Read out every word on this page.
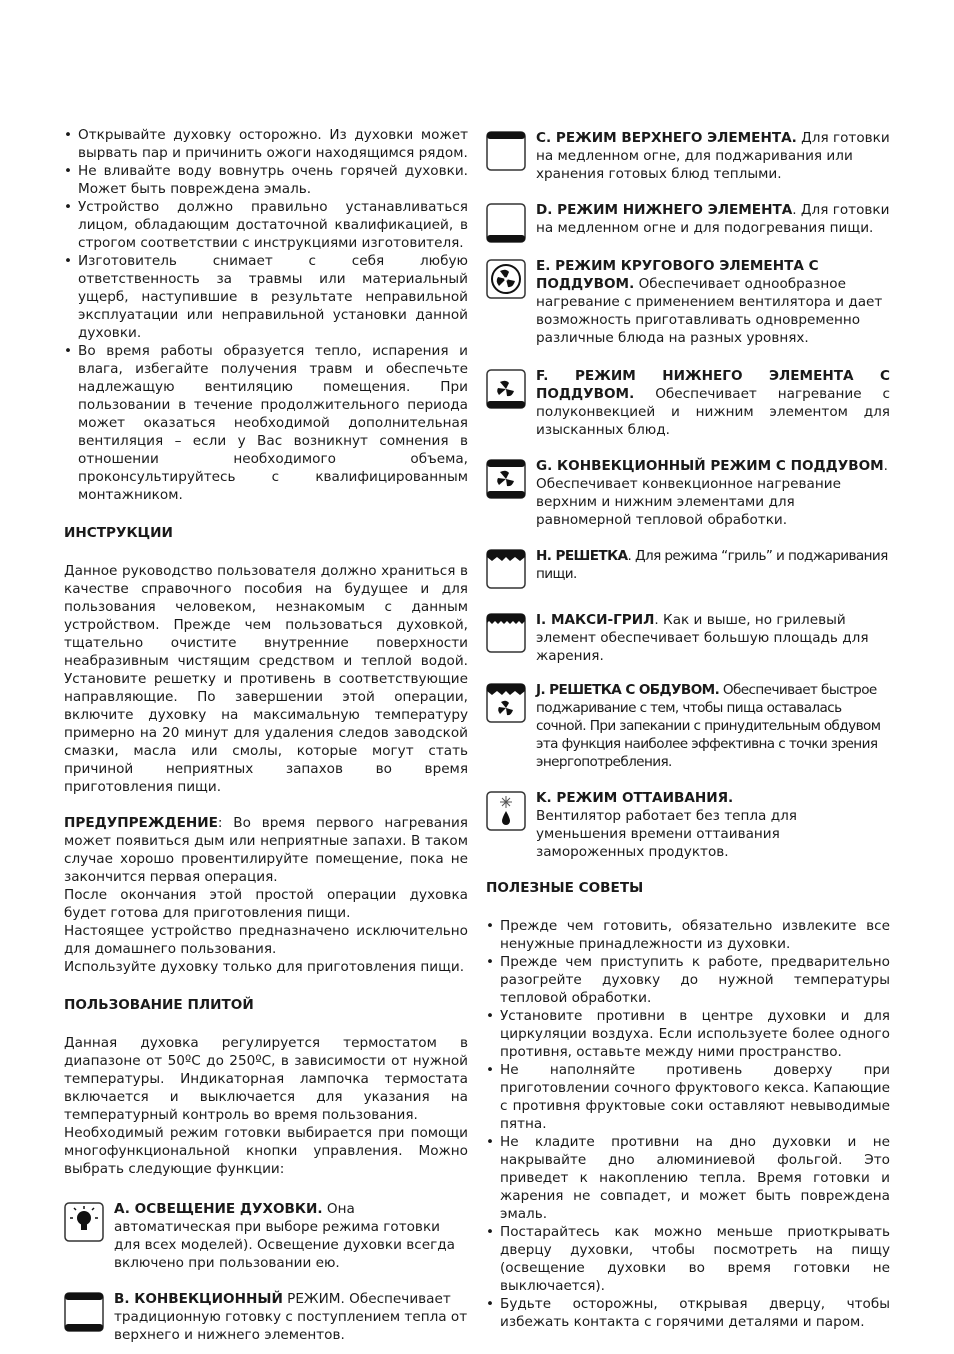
• Открывайте духовку осторожно. Из духовки может вырвать пар и причинить ожоги находящимся рядом.
• Не вливайте воду вовнутрь очень горячей духовки. Может быть повреждена эмаль.
• Устройство должно правильно устанавливаться лицом, обладающим достаточной квалификацией, в строгом соответствии с инструкциями изготовителя.
• Изготовитель снимает с себя любую ответственность за травмы или материальный ущерб, наступившие в результате неправильной эксплуатации или неправильной установки данной духовки.
• Во время работы образуется тепло, испарения и влага, избегайте получения травм и обеспечьте надлежащую вентиляцию помещения. При пользовании в течение продолжительного периода может оказаться необходимой дополнительная вентиляция – если у Вас возникнут сомнения в отношении необходимого объема, проконсультируйтесь с квалифицированным монтажником.
ИНСТРУКЦИИ

Данное руководство пользователя должно храниться в качестве справочного пособия на будущее и для пользования человеком, незнакомым с данным устройством. Прежде чем пользоваться духовкой, тщательно очистите внутренние поверхности неабразивным чистящим средством и теплой водой. Установите решетку и противень в соответствующие направляющие. По завершении этой операции, включите духовку на максимальную температуру примерно на 20 минут для удаления следов заводской смазки, масла или смолы, которые могут стать причиной неприятных запахов во время приготовления пищи.

ПРЕДУПРЕЖДЕНИЕ: Во время первого нагревания может появиться дым или неприятные запахи. В таком случае хорошо провентилируйте помещение, пока не закончится первая операция.

После окончания этой простой операции духовка будет готова для приготовления пищи.

Настоящее устройство предназначено исключительно для домашнего пользования.

Используйте духовку только для приготовления пищи.

ПОЛЬЗОВАНИЕ ПЛИТОЙ

Данная духовка регулируется термостатом в диапазоне от 50ºC до 250ºC, в зависимости от нужной температуры. Индикаторная лампочка термостата включается и выключается для указания на температурный контроль во время пользования.

Необходимый режим готовки выбирается при помощи многофункциональной кнопки управления. Можно выбрать следующие функции:

A. ОСВЕЩЕНИЕ ДУХОВКИ. Она автоматическая при выборе режима готовки для всех моделей). Освещение духовки всегда включено при пользовании ею.
B. КОНВЕКЦИОННЫЙ РЕЖИМ. Обеспечивает традиционную готовку с поступлением тепла от верхнего и нижнего элементов.
C. РЕЖИМ ВЕРХНЕГО ЭЛЕМЕНТА. Для готовки на медленном огне, для поджаривания или хранения готовых блюд теплыми.
D. РЕЖИМ НИЖНЕГО ЭЛЕМЕНТА. Для готовки на медленном огне и для подогревания пищи.
E. РЕЖИМ КРУГОВОГО ЭЛЕМЕНТА С ПОДДУВОМ. Обеспечивает однообразное нагревание с применением вентилятора и дает возможность приготавливать одновременно различные блюда на разных уровнях.
F. РЕЖИМ НИЖНЕГО ЭЛЕМЕНТА С ПОДДУВОМ. Обеспечивает нагревание с полуконвекцией и нижним элементом для изысканных блюд.
G. КОНВЕКЦИОННЫЙ РЕЖИМ С ПОДДУВОМ. Обеспечивает конвекционное нагревание верхним и нижним элементами для равномерной тепловой обработки.
H. РЕШЕТКА. Для режима “гриль” и поджаривания пищи.
I. МАКСИ-ГРИЛ. Как и выше, но грилевый элемент обеспечивает большую площадь для жарения.
J. РЕШЕТКА С ОБДУВОМ. Обеспечивает быстрое поджаривание с тем, чтобы пища оставалась сочной. При запекании с принудительным обдувом эта функция наиболее эффективна с точки зрения энергопотребления.
K. РЕЖИМ ОТТАИВАНИЯ.
Вентилятор работает без тепла для уменьшения времени оттаивания замороженных продуктов.
ПОЛЕЗНЫЕ СОВЕТЫ
• Прежде чем готовить, обязательно извлеките все ненужные принадлежности из духовки.
• Прежде чем приступить к работе, предварительно разогрейте духовку до нужной температуры тепловой обработки.
• Установите противни в центре духовки и для циркуляции воздуха. Если используете более одного противня, оставьте между ними пространство.
• Не наполняйте противень доверху при приготовлении сочного фруктового кекса. Капающие с противня фруктовые соки оставляют невыводимые пятна.
• Не кладите противни на дно духовки и не накрывайте дно алюминиевой фольгой. Это приведет к накоплению тепла. Время готовки и жарения не совпадет, и может быть повреждена эмаль.
• Постарайтесь как можно меньше приоткрывать дверцу духовки, чтобы посмотреть на пищу (освещение духовки во время готовки не выключается).
• Будьте осторожны, открывая дверцу, чтобы избежать контакта с горячими деталями и паром.
